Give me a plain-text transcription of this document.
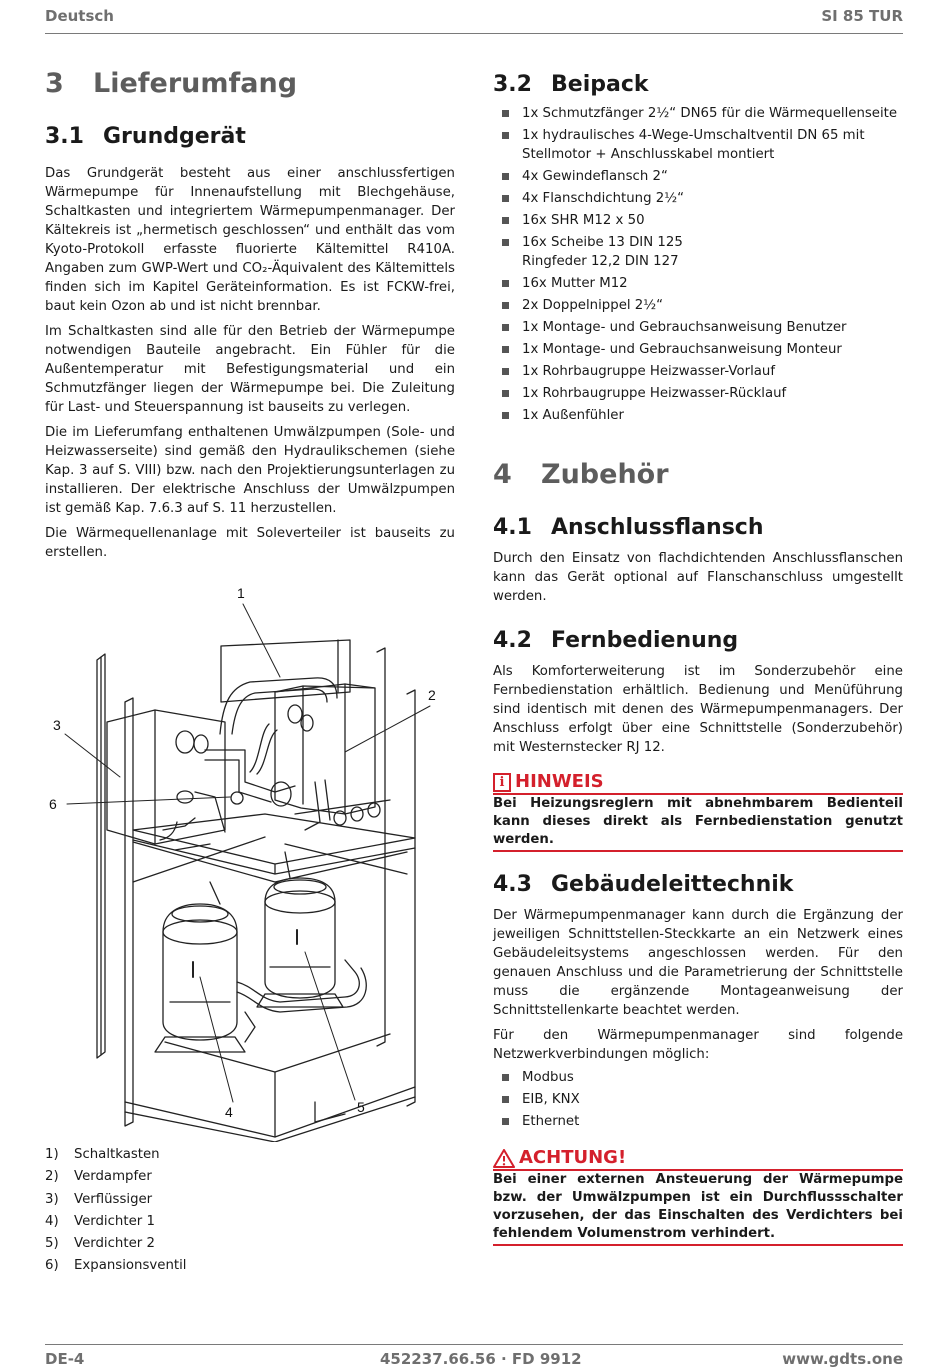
Deutsch	SI 85 TUR
3 Lieferumfang
3.1 Grundgerät

Das Grundgerät besteht aus einer anschlussfertigen Wärmepumpe für Innenaufstellung mit Blechgehäuse, Schaltkasten und integriertem Wärmepumpenmanager. Der Kältekreis ist „hermetisch geschlossen“ und enthält das vom Kyoto-Protokoll erfasste fluorierte Kältemittel R410A. Angaben zum GWP-Wert und CO₂-Äquivalent des Kältemittels finden sich im Kapitel Geräteinformation. Es ist FCKW-frei, baut kein Ozon ab und ist nicht brennbar.

Im Schaltkasten sind alle für den Betrieb der Wärmepumpe notwendigen Bauteile angebracht. Ein Fühler für die Außentemperatur mit Befestigungsmaterial und ein Schmutzfänger liegen der Wärmepumpe bei. Die Zuleitung für Last- und Steuerspannung ist bauseits zu verlegen.

Die im Lieferumfang enthaltenen Umwälzpumpen (Sole- und Heizwasserseite) sind gemäß den Hydraulikschemen (siehe Kap. 3 auf S. VIII) bzw. nach den Projektierungsunterlagen zu installieren. Der elektrische Anschluss der Umwälzpumpen ist gemäß Kap. 7.6.3 auf S. 11 herzustellen.

Die Wärmequellenanlage mit Soleverteiler ist bauseits zu erstellen.

1
2
3
4	5
6
1) Schaltkasten
2) Verdampfer
3) Verflüssiger
4) Verdichter 1
5) Verdichter 2
6) Expansionsventil
3.2 Beipack
1x Schmutzfänger 2½“ DN65 für die Wärmequellenseite
1x hydraulisches 4-Wege-Umschaltventil DN 65 mit Stellmotor + Anschlusskabel montiert
4x Gewindeflansch 2“
4x Flanschdichtung 2½“
16x SHR M12 x 50
16x Scheibe 13 DIN 125
Ringfeder 12,2 DIN 127
16x Mutter M12
2x Doppelnippel 2½“
1x Montage- und Gebrauchsanweisung Benutzer
1x Montage- und Gebrauchsanweisung Monteur
1x Rohrbaugruppe Heizwasser-Vorlauf
1x Rohrbaugruppe Heizwasser-Rücklauf
1x Außenfühler
4 Zubehör
4.1 Anschlussflansch

Durch den Einsatz von flachdichtenden Anschlussflanschen kann das Gerät optional auf Flanschanschluss umgestellt werden.

4.2 Fernbedienung

Als Komforterweiterung ist im Sonderzubehör eine Fernbedienstation erhältlich. Bedienung und Menüführung sind identisch mit denen des Wärmepumpenmanagers. Der Anschluss erfolgt über eine Schnittstelle (Sonderzubehör) mit Westernstecker RJ 12.

i HINWEIS
Bei Heizungsreglern mit abnehmbarem Bedienteil kann dieses direkt als Fernbedienstation genutzt werden.
4.3 Gebäudeleittechnik

Der Wärmepumpenmanager kann durch die Ergänzung der jeweiligen Schnittstellen-Steckkarte an ein Netzwerk eines Gebäudeleitsystems angeschlossen werden. Für den genauen Anschluss und die Parametrierung der Schnittstelle muss die ergänzende Montageanweisung der Schnittstellenkarte beachtet werden.

Für den Wärmepumpenmanager sind folgende Netzwerkverbindungen möglich:

Modbus
EIB, KNX
Ethernet
ACHTUNG!
Bei einer externen Ansteuerung der Wärmepumpe bzw. der Umwälzpumpen ist ein Durchflussschalter vorzusehen, der das Einschalten des Verdichters bei fehlendem Volumenstrom verhindert.
DE-4	452237.66.56 · FD 9912	www.gdts.one
